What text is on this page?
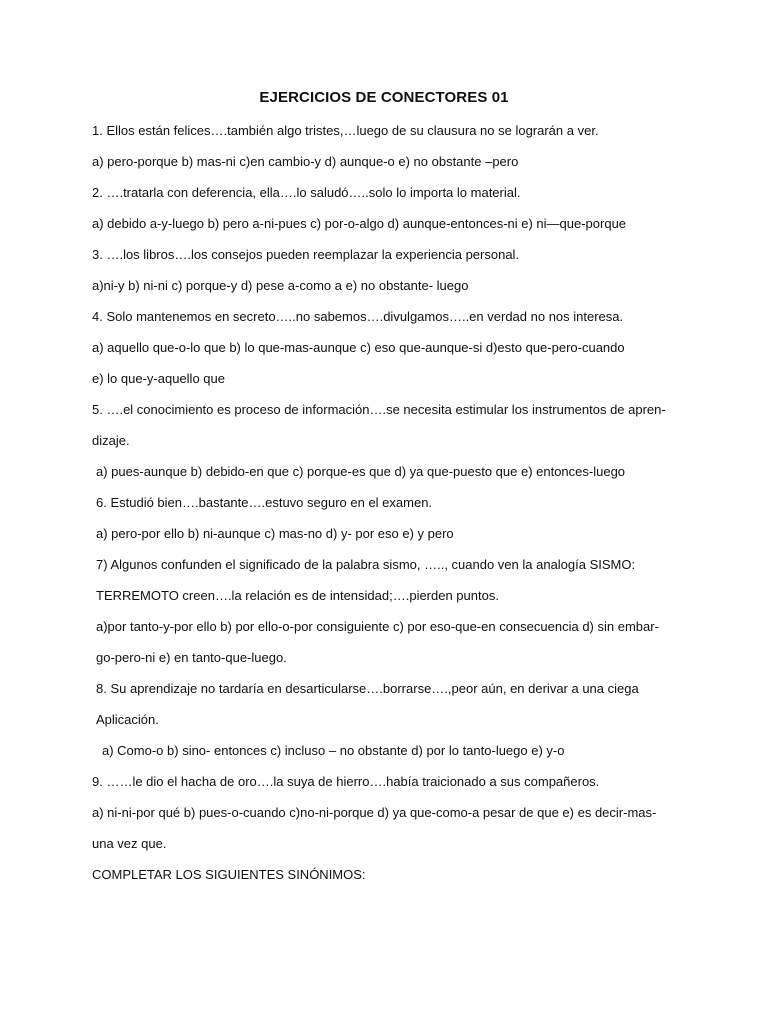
EJERCICIOS DE CONECTORES 01
1. Ellos están felices….también algo tristes,…luego de su clausura no se lograrán a ver.
a) pero-porque b) mas-ni c)en cambio-y d) aunque-o e) no obstante –pero
2. ….tratarla con deferencia, ella….lo saludó…..solo lo importa lo material.
a) debido a-y-luego b) pero a-ni-pues c) por-o-algo d) aunque-entonces-ni e) ni—que-porque
3. ….los libros….los consejos pueden reemplazar la experiencia personal.
a)ni-y b) ni-ni c) porque-y d) pese a-como a e) no obstante- luego
4. Solo mantenemos en secreto…..no sabemos….divulgamos…..en verdad no nos interesa.
a) aquello que-o-lo que b) lo que-mas-aunque c) eso que-aunque-si d)esto que-pero-cuando
e) lo que-y-aquello que
5. ….el conocimiento es proceso de información….se necesita estimular los instrumentos de apren-
dizaje.
a) pues-aunque b) debido-en que c) porque-es que d) ya que-puesto que e) entonces-luego
6. Estudió bien….bastante….estuvo seguro en el examen.
a) pero-por ello b) ni-aunque c) mas-no d) y- por eso e) y pero
7) Algunos confunden el significado de la palabra sismo, ….., cuando ven la analogía SISMO:
TERREMOTO creen….la relación es de intensidad;….pierden puntos.
a)por tanto-y-por ello b) por ello-o-por consiguiente c) por eso-que-en consecuencia d) sin embar-
go-pero-ni e) en tanto-que-luego.
8. Su aprendizaje no tardaría en desarticularse….borrarse….,peor aún, en derivar a una ciega
Aplicación.
a) Como-o b) sino- entonces c) incluso – no obstante d) por lo tanto-luego e) y-o
9. ……le dio el hacha de oro….la suya de hierro….había traicionado a sus compañeros.
a) ni-ni-por qué b) pues-o-cuando c)no-ni-porque d) ya que-como-a pesar de que e) es decir-mas-
una vez que.
COMPLETAR LOS SIGUIENTES SINÓNIMOS:
